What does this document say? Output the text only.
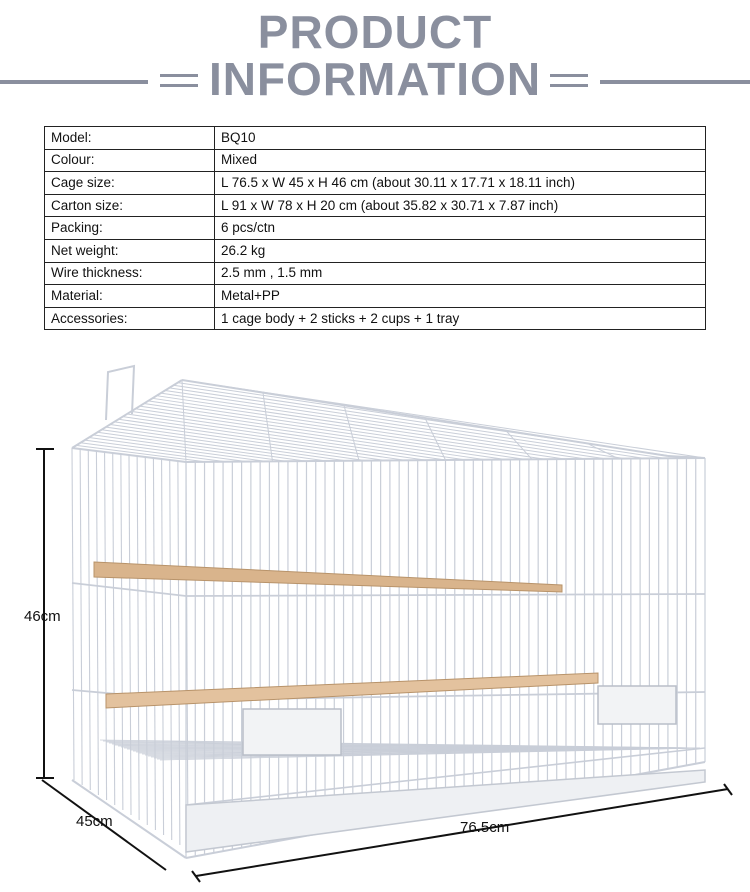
PRODUCT
INFORMATION
Model:	BQ10
Colour:	Mixed
Cage size:	L 76.5 x W 45 x H 46 cm (about 30.11 x 17.71 x 18.11 inch)
Carton size:	L 91 x W 78 x H 20 cm (about 35.82 x 30.71 x 7.87 inch)
Packing:	6 pcs/ctn
Net weight:	26.2 kg
Wire thickness:	2.5 mm , 1.5 mm
Material:	Metal+PP
Accessories:	1 cage body + 2 sticks + 2 cups + 1 tray
46cm
45cm	76.5cm
